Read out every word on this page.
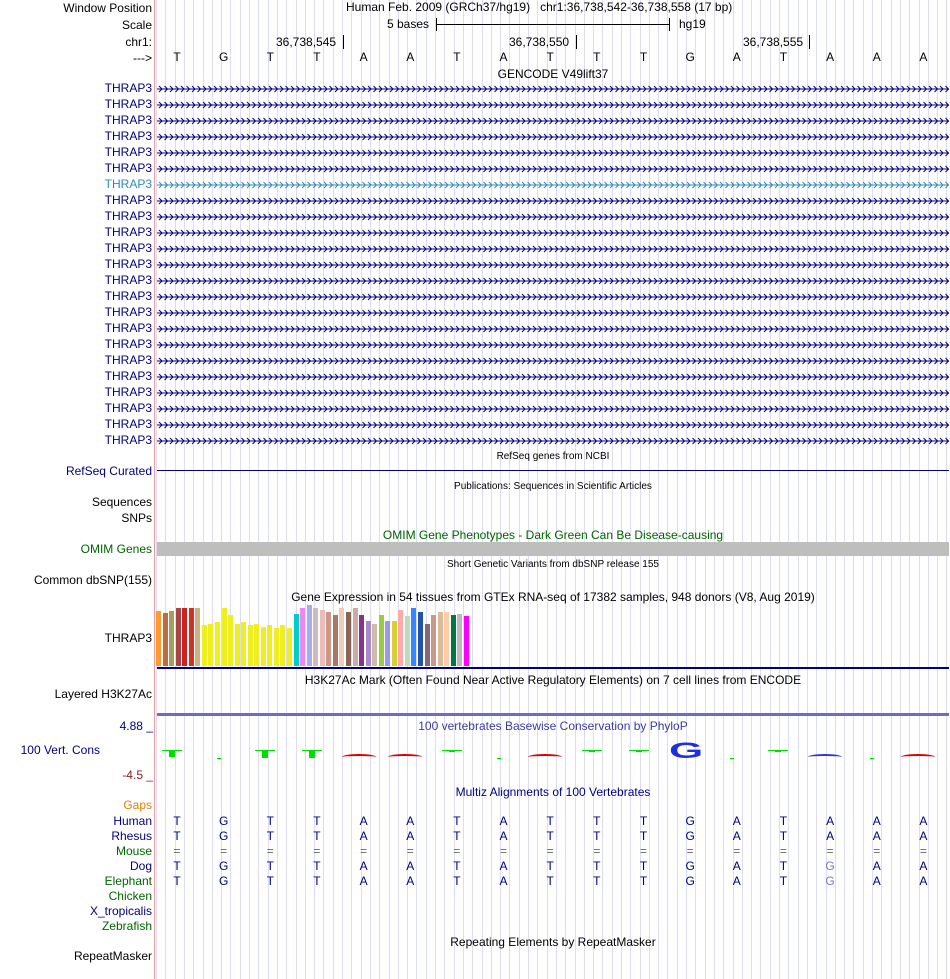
Window Position	Human Feb. 2009 (GRCh37/hg19) chr1:36,738,542-36,738,558 (17 bp)
Scale	5 bases	hg19
chr1:	36,738,545	36,738,550	36,738,555
--->	T	G	T	T	A	A	T	A	T	T	T	G	A	T	A	A	A
GENCODE V49lift37
THRAP3
THRAP3
THRAP3
THRAP3
THRAP3
THRAP3
THRAP3
THRAP3
THRAP3
THRAP3
THRAP3
THRAP3
THRAP3
THRAP3
THRAP3
THRAP3
THRAP3
THRAP3
THRAP3
THRAP3
THRAP3
THRAP3
THRAP3
RefSeq genes from NCBI
RefSeq Curated
Publications: Sequences in Scientific Articles
Sequences
SNPs
OMIM Gene Phenotypes - Dark Green Can Be Disease-causing
OMIM Genes
Short Genetic Variants from dbSNP release 155
Common dbSNP(155)
Gene Expression in 54 tissues from GTEx RNA-seq of 17382 samples, 948 donors (V8, Aug 2019)
THRAP3
H3K27Ac Mark (Often Found Near Active Regulatory Elements) on 7 cell lines from ENCODE
Layered H3K27Ac
100 vertebrates Basewise Conservation by PhyloP
4.88 _
100 Vert. Cons
-4.5 _
G
Multiz Alignments of 100 Vertebrates
Gaps
Human	T	G	T	T	A	A	T	A	T	T	T	G	A	T	A	A	A
Rhesus	T	G	T	T	A	A	T	A	T	T	T	G	A	T	A	A	A
Mouse	=	=	=	=	=	=	=	=	=	=	=	=	=	=	=	=	=
Dog	T	G	T	T	A	A	T	A	T	T	T	G	A	T	G	A	A
Elephant	T	G	T	T	A	A	T	A	T	T	T	G	A	T	G	A	A
Chicken
X_tropicalis
Zebrafish
Repeating Elements by RepeatMasker
RepeatMasker
